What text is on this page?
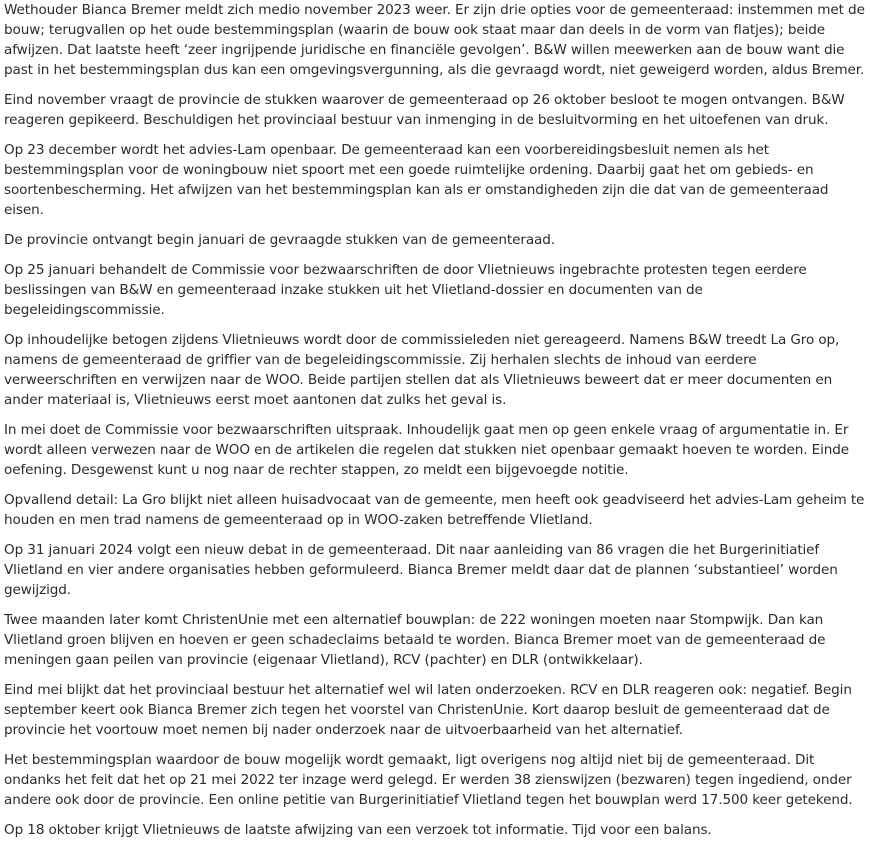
Wethouder Bianca Bremer meldt zich medio november 2023 weer. Er zijn drie opties voor de gemeenteraad: instemmen met de bouw; terugvallen op het oude bestemmingsplan (waarin de bouw ook staat maar dan deels in de vorm van flatjes); beide afwijzen. Dat laatste heeft ‘zeer ingrijpende juridische en financiële gevolgen’. B&W willen meewerken aan de bouw want die past in het bestemmingsplan dus kan een omgevingsvergunning, als die gevraagd wordt, niet geweigerd worden, aldus Bremer.

Eind november vraagt de provincie de stukken waarover de gemeenteraad op 26 oktober besloot te mogen ontvangen. B&W reageren gepikeerd. Beschuldigen het provinciaal bestuur van inmenging in de besluitvorming en het uitoefenen van druk.

Op 23 december wordt het advies-Lam openbaar. De gemeenteraad kan een voorbereidingsbesluit nemen als het bestemmingsplan voor de woningbouw niet spoort met een goede ruimtelijke ordening. Daarbij gaat het om gebieds- en soortenbescherming. Het afwijzen van het bestemmingsplan kan als er omstandigheden zijn die dat van de gemeenteraad eisen.

De provincie ontvangt begin januari de gevraagde stukken van de gemeenteraad.

Op 25 januari behandelt de Commissie voor bezwaarschriften de door Vlietnieuws ingebrachte protesten tegen eerdere beslissingen van B&W en gemeenteraad inzake stukken uit het Vlietland-dossier en documenten van de begeleidingscommissie.

Op inhoudelijke betogen zijdens Vlietnieuws wordt door de commissieleden niet gereageerd. Namens B&W treedt La Gro op, namens de gemeenteraad de griffier van de begeleidingscommissie. Zij herhalen slechts de inhoud van eerdere verweerschriften en verwijzen naar de WOO. Beide partijen stellen dat als Vlietnieuws beweert dat er meer documenten en ander materiaal is, Vlietnieuws eerst moet aantonen dat zulks het geval is.

In mei doet de Commissie voor bezwaarschriften uitspraak. Inhoudelijk gaat men op geen enkele vraag of argumentatie in. Er wordt alleen verwezen naar de WOO en de artikelen die regelen dat stukken niet openbaar gemaakt hoeven te worden. Einde oefening. Desgewenst kunt u nog naar de rechter stappen, zo meldt een bijgevoegde notitie.

Opvallend detail: La Gro blijkt niet alleen huisadvocaat van de gemeente, men heeft ook geadviseerd het advies-Lam geheim te houden en men trad namens de gemeenteraad op in WOO-zaken betreffende Vlietland.

Op 31 januari 2024 volgt een nieuw debat in de gemeenteraad. Dit naar aanleiding van 86 vragen die het Burgerinitiatief Vlietland en vier andere organisaties hebben geformuleerd. Bianca Bremer meldt daar dat de plannen ‘substantieel’ worden gewijzigd.

Twee maanden later komt ChristenUnie met een alternatief bouwplan: de 222 woningen moeten naar Stompwijk. Dan kan Vlietland groen blijven en hoeven er geen schadeclaims betaald te worden. Bianca Bremer moet van de gemeenteraad de meningen gaan peilen van provincie (eigenaar Vlietland), RCV (pachter) en DLR (ontwikkelaar).

Eind mei blijkt dat het provinciaal bestuur het alternatief wel wil laten onderzoeken. RCV en DLR reageren ook: negatief. Begin september keert ook Bianca Bremer zich tegen het voorstel van ChristenUnie. Kort daarop besluit de gemeenteraad dat de provincie het voortouw moet nemen bij nader onderzoek naar de uitvoerbaarheid van het alternatief.

Het bestemmingsplan waardoor de bouw mogelijk wordt gemaakt, ligt overigens nog altijd niet bij de gemeenteraad. Dit ondanks het feit dat het op 21 mei 2022 ter inzage werd gelegd. Er werden 38 zienswijzen (bezwaren) tegen ingediend, onder andere ook door de provincie. Een online petitie van Burgerinitiatief Vlietland tegen het bouwplan werd 17.500 keer getekend.

Op 18 oktober krijgt Vlietnieuws de laatste afwijzing van een verzoek tot informatie. Tijd voor een balans.
